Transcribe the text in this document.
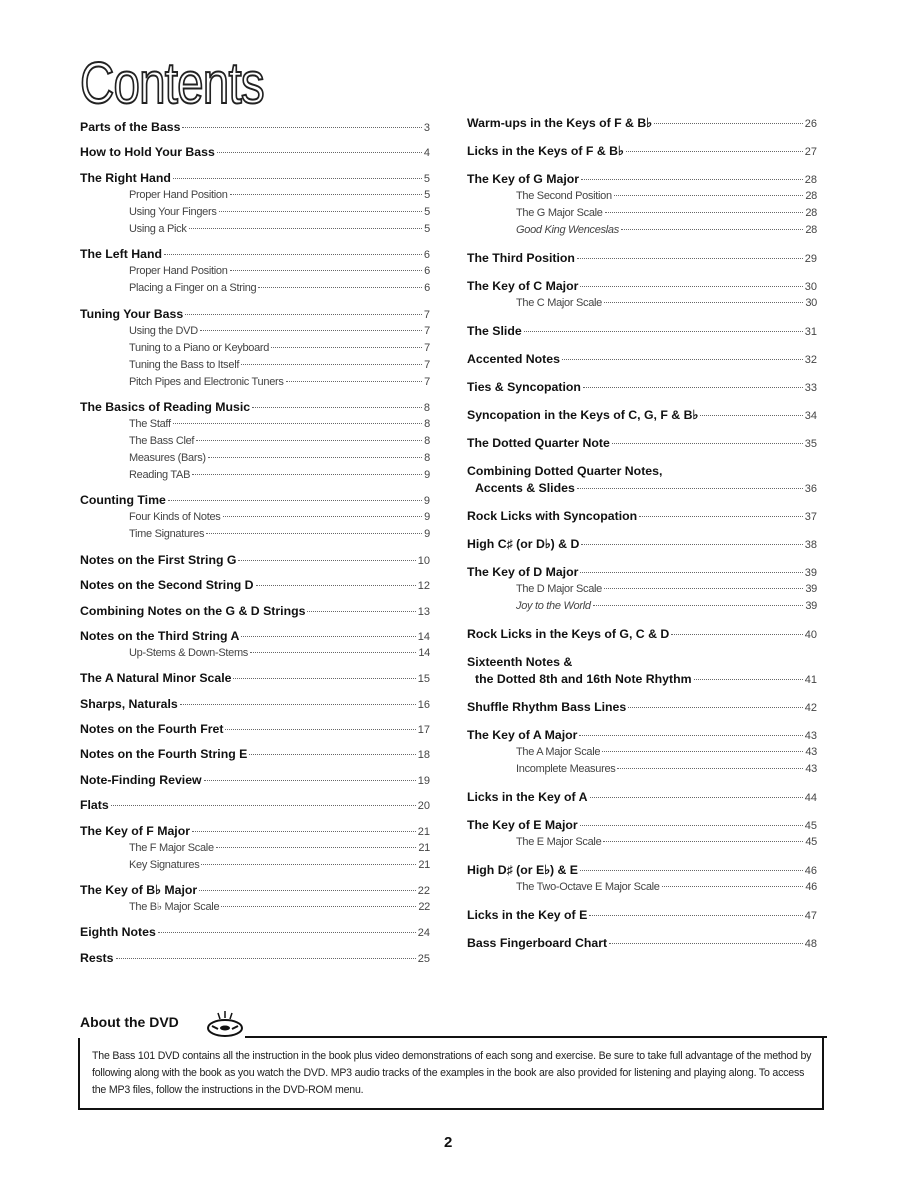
Contents
Parts of the Bass	3
How to Hold Your Bass	4
The Right Hand	5
Proper Hand Position	5
Using Your Fingers	5
Using a Pick	5
The Left Hand	6
Proper Hand Position	6
Placing a Finger on a String	6
Tuning Your Bass	7
Using the DVD	7
Tuning to a Piano or Keyboard	7
Tuning the Bass to Itself	7
Pitch Pipes and Electronic Tuners	7
The Basics of Reading Music	8
The Staff	8
The Bass Clef	8
Measures (Bars)	8
Reading TAB	9
Counting Time	9
Four Kinds of Notes	9
Time Signatures	9
Notes on the First String G	10
Notes on the Second String D	12
Combining Notes on the G & D Strings	13
Notes on the Third String A	14
Up-Stems & Down-Stems	14
The A Natural Minor Scale	15
Sharps, Naturals	16
Notes on the Fourth Fret	17
Notes on the Fourth String E	18
Note-Finding Review	19
Flats	20
The Key of F Major	21
The F Major Scale	21
Key Signatures	21
The Key of B♭ Major	22
The B♭ Major Scale	22
Eighth Notes	24
Rests	25
Warm-ups in the Keys of F & B♭	26
Licks in the Keys of F & B♭	27
The Key of G Major	28
The Second Position	28
The G Major Scale	28
Good King Wenceslas	28
The Third Position	29
The Key of C Major	30
The C Major Scale	30
The Slide	31
Accented Notes	32
Ties & Syncopation	33
Syncopation in the Keys of C, G, F & B♭	34
The Dotted Quarter Note	35
Combining Dotted Quarter Notes,
Accents & Slides	36
Rock Licks with Syncopation	37
High C♯ (or D♭) & D	38
The Key of D Major	39
The D Major Scale	39
Joy to the World	39
Rock Licks in the Keys of G, C & D	40
Sixteenth Notes &
the Dotted 8th and 16th Note Rhythm	41
Shuffle Rhythm Bass Lines	42
The Key of A Major	43
The A Major Scale	43
Incomplete Measures	43
Licks in the Key of A	44
The Key of E Major	45
The E Major Scale	45
High D♯ (or E♭) & E	46
The Two-Octave E Major Scale	46
Licks in the Key of E	47
Bass Fingerboard Chart	48
About the DVD
The Bass 101 DVD contains all the instruction in the book plus video demonstrations of each song and exercise. Be sure to take full advantage of the method by following along with the book as you watch the DVD. MP3 audio tracks of the examples in the book are also provided for listening and playing along. To access the MP3 files, follow the instructions in the DVD-ROM menu.
2
